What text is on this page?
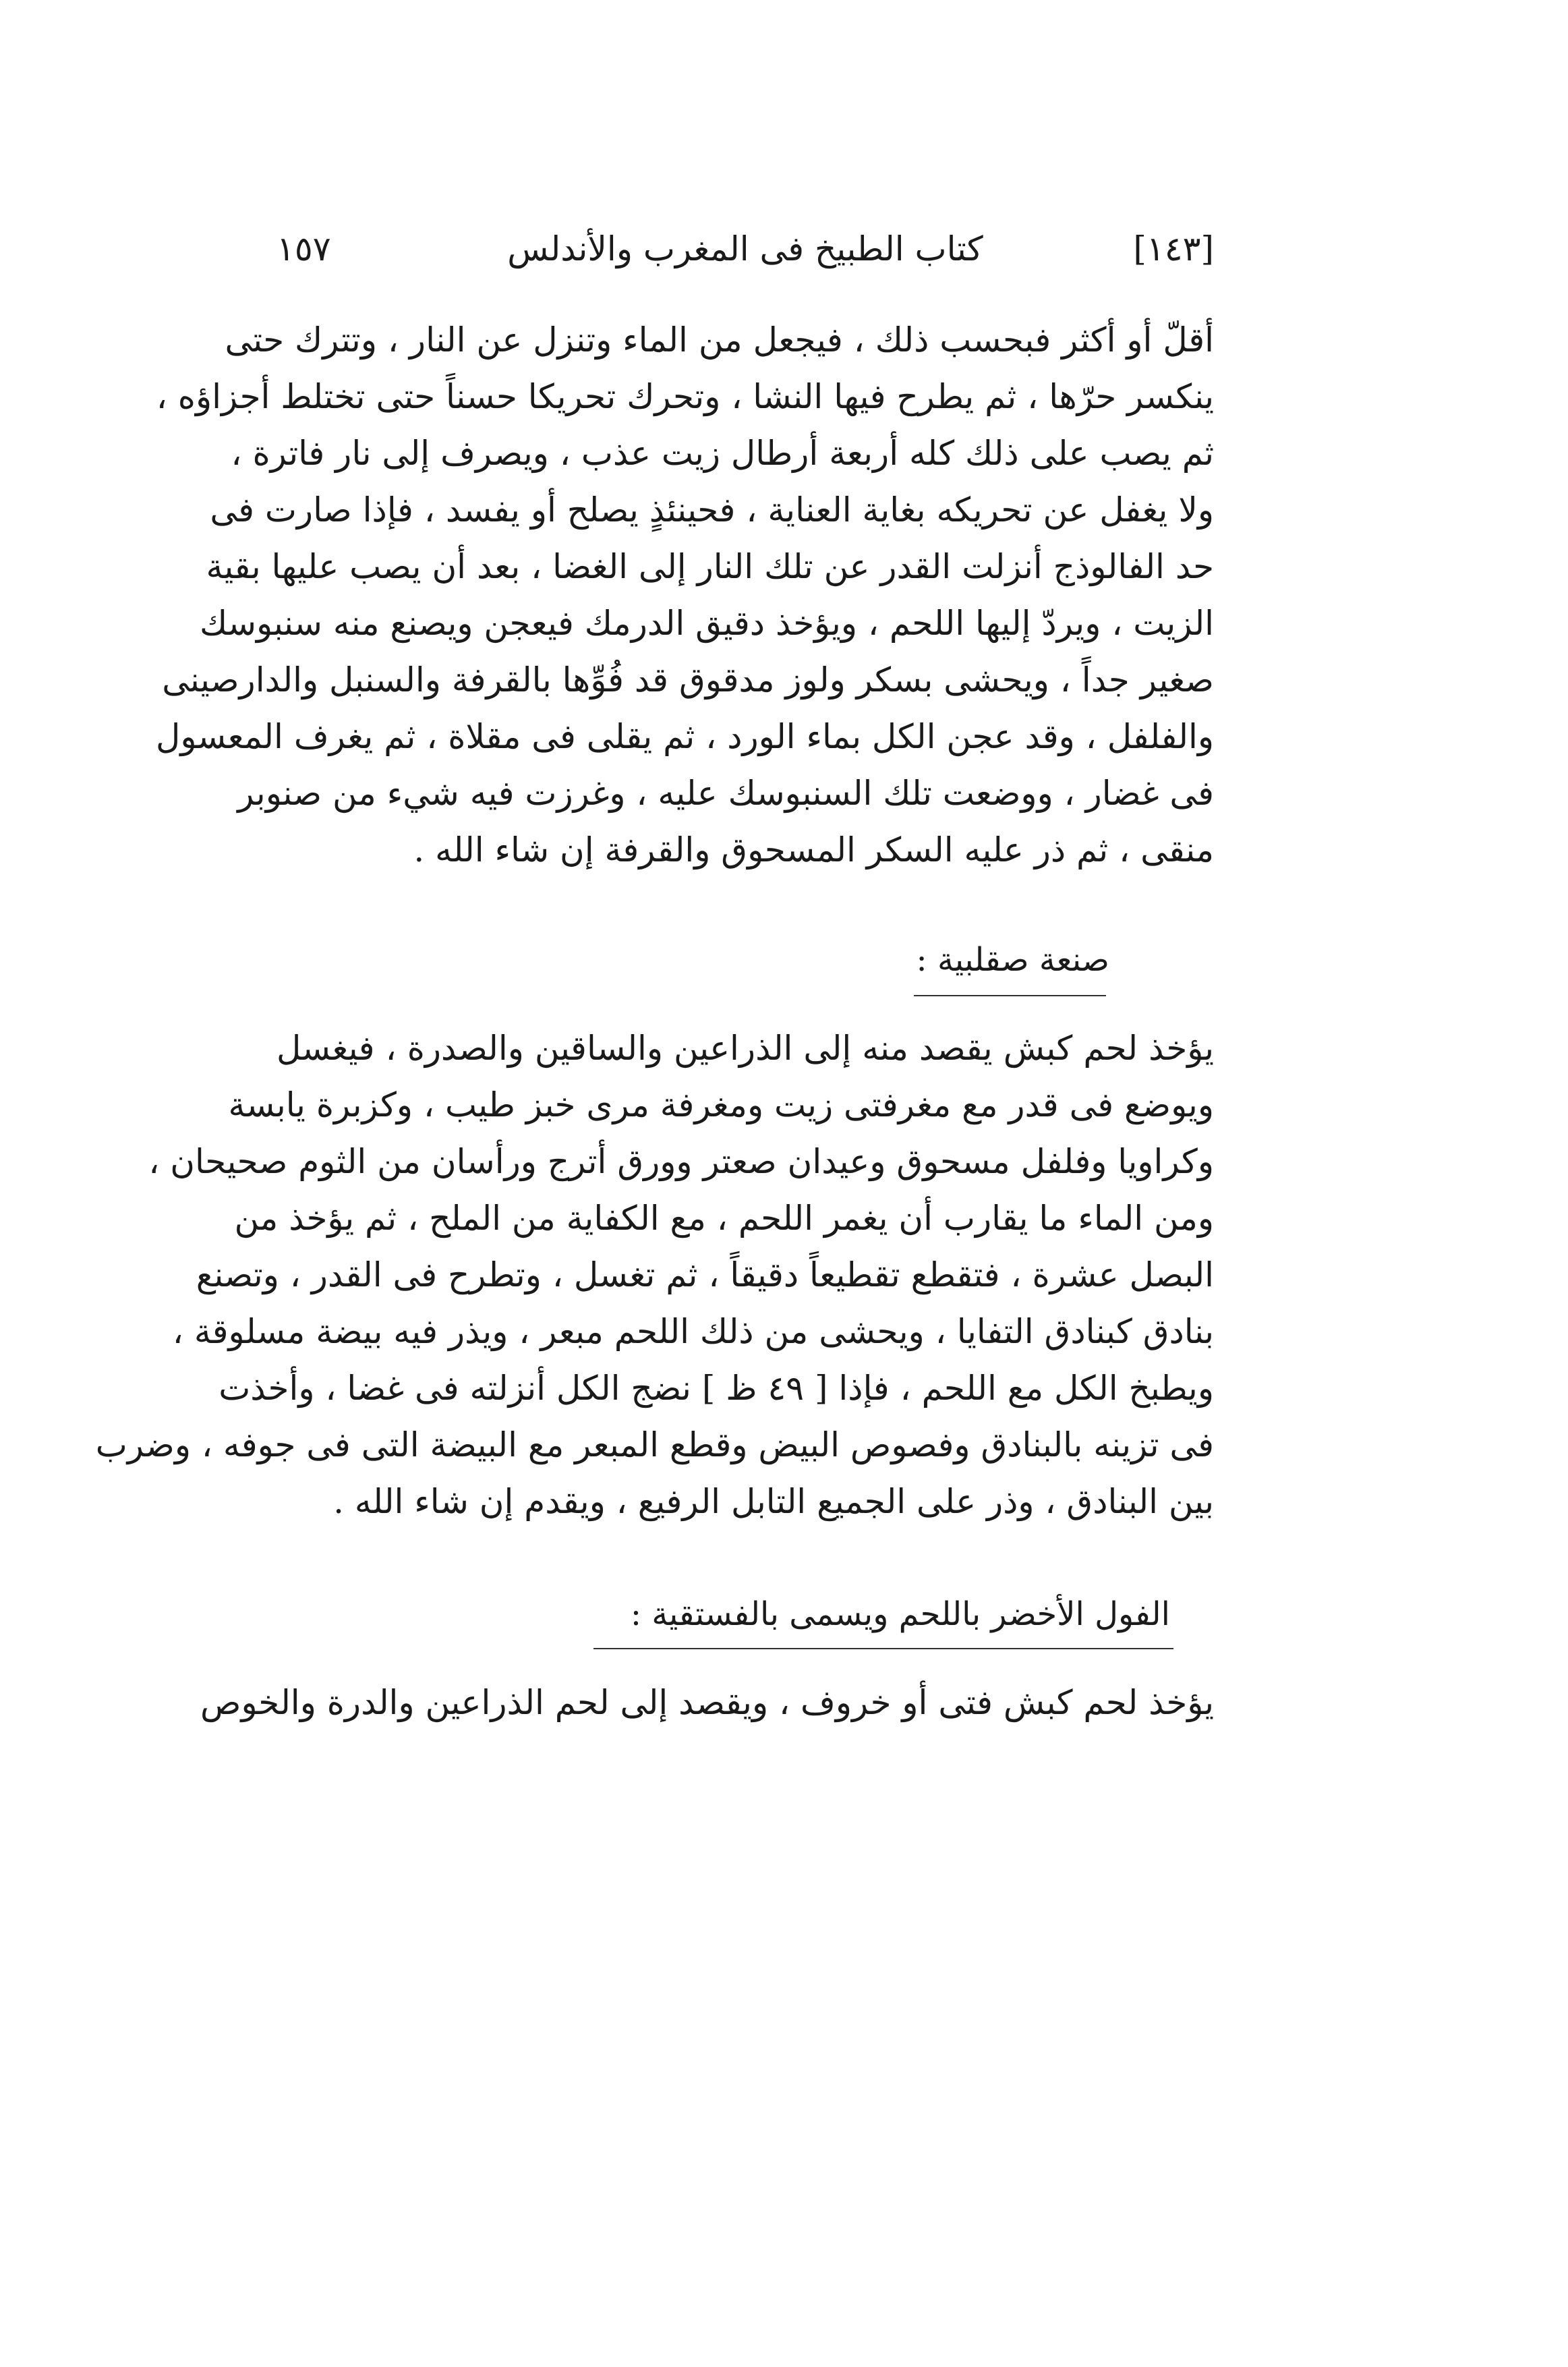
[١٤٣]
كتاب الطبيخ فى المغرب والأندلس
١٥٧
أقلّ أو أكثر فبحسب ذلك ، فيجعل من الماء وتنزل عن النار ، وتترك حتى
ينكسر حرّها ، ثم يطرح فيها النشا ، وتحرك تحريكا حسناً حتى تختلط أجزاؤه ،
ثم يصب على ذلك كله أربعة أرطال زيت عذب ، ويصرف إلى نار فاترة ،
ولا يغفل عن تحريكه بغاية العناية ، فحينئذٍ يصلح أو يفسد ، فإذا صارت فى
حد الفالوذج أنزلت القدر عن تلك النار إلى الغضا ، بعد أن يصب عليها بقية
الزيت ، ويردّ إليها اللحم ، ويؤخذ دقيق الدرمك فيعجن ويصنع منه سنبوسك
صغير جداً ، ويحشى بسكر ولوز مدقوق قد فُوِّها بالقرفة والسنبل والدارصينى
والفلفل ، وقد عجن الكل بماء الورد ، ثم يقلى فى مقلاة ، ثم يغرف المعسول
فى غضار ، ووضعت تلك السنبوسك عليه ، وغرزت فيه شيء من صنوبر
منقى ، ثم ذر عليه السكر المسحوق والقرفة إن شاء الله .
صنعة صقلبية :
يؤخذ لحم كبش يقصد منه إلى الذراعين والساقين والصدرة ، فيغسل
ويوضع فى قدر مع مغرفتى زيت ومغرفة مرى خبز طيب ، وكزبرة يابسة
وكراويا وفلفل مسحوق وعيدان صعتر وورق أترج ورأسان من الثوم صحيحان ،
ومن الماء ما يقارب أن يغمر اللحم ، مع الكفاية من الملح ، ثم يؤخذ من
البصل عشرة ، فتقطع تقطيعاً دقيقاً ، ثم تغسل ، وتطرح فى القدر ، وتصنع
بنادق كبنادق التفايا ، ويحشى من ذلك اللحم مبعر ، ويذر فيه بيضة مسلوقة ،
ويطبخ الكل مع اللحم ، فإذا [ ٤٩ ظ ] نضج الكل أنزلته فى غضا ، وأخذت
فى تزينه بالبنادق وفصوص البيض وقطع المبعر مع البيضة التى فى جوفه ، وضرب
بين البنادق ، وذر على الجميع التابل الرفيع ، ويقدم إن شاء الله .
الفول الأخضر باللحم ويسمى بالفستقية :
يؤخذ لحم كبش فتى أو خروف ، ويقصد إلى لحم الذراعين والدرة والخوص
